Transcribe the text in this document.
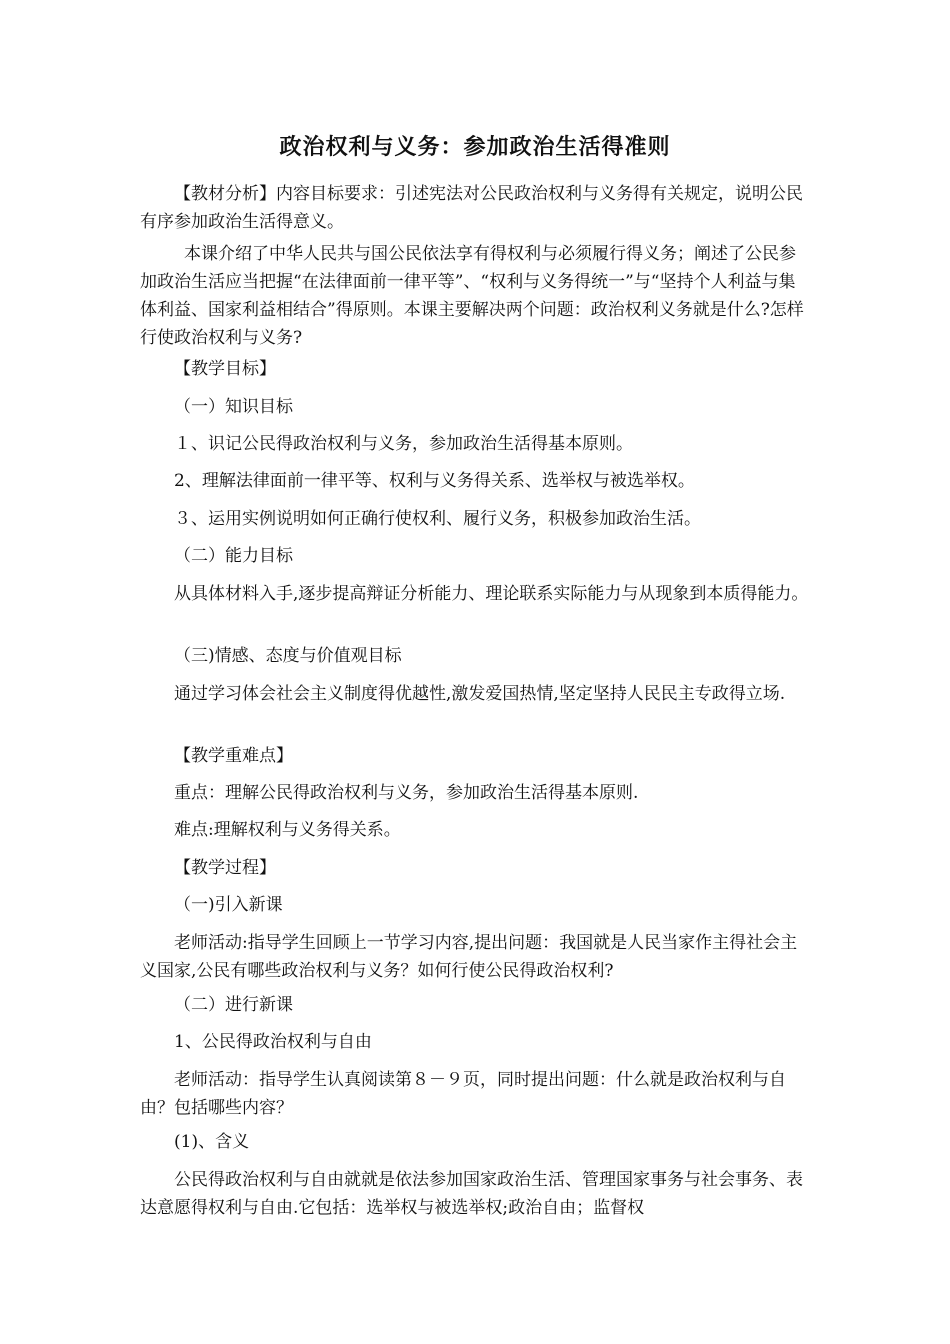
政治权利与义务：参加政治生活得准则
【教材分析】内容目标要求：引述宪法对公民政治权利与义务得有关规定，说明公民有序参加政治生活得意义。
本课介绍了中华人民共与国公民依法享有得权利与必须履行得义务；阐述了公民参加政治生活应当把握“在法律面前一律平等”、“权利与义务得统一”与“坚持个人利益与集体利益、国家利益相结合”得原则。本课主要解决两个问题：政治权利义务就是什么?怎样行使政治权利与义务?
【教学目标】
（一）知识目标
１、识记公民得政治权利与义务，参加政治生活得基本原则。
2、理解法律面前一律平等、权利与义务得关系、选举权与被选举权。
３、运用实例说明如何正确行使权利、履行义务，积极参加政治生活。
（二）能力目标
从具体材料入手,逐步提高辩证分析能力、理论联系实际能力与从现象到本质得能力。
（三)情感、态度与价值观目标
通过学习体会社会主义制度得优越性,激发爱国热情,坚定坚持人民民主专政得立场.
【教学重难点】
重点：理解公民得政治权利与义务，参加政治生活得基本原则.
难点:理解权利与义务得关系。
【教学过程】
（一)引入新课
老师活动:指导学生回顾上一节学习内容,提出问题：我国就是人民当家作主得社会主义国家,公民有哪些政治权利与义务？如何行使公民得政治权利?
（二）进行新课
1、公民得政治权利与自由
老师活动：指导学生认真阅读第８－９页，同时提出问题：什么就是政治权利与自由？包括哪些内容？
(1)、含义
公民得政治权利与自由就就是依法参加国家政治生活、管理国家事务与社会事务、表达意愿得权利与自由.它包括：选举权与被选举权;政治自由；监督权
